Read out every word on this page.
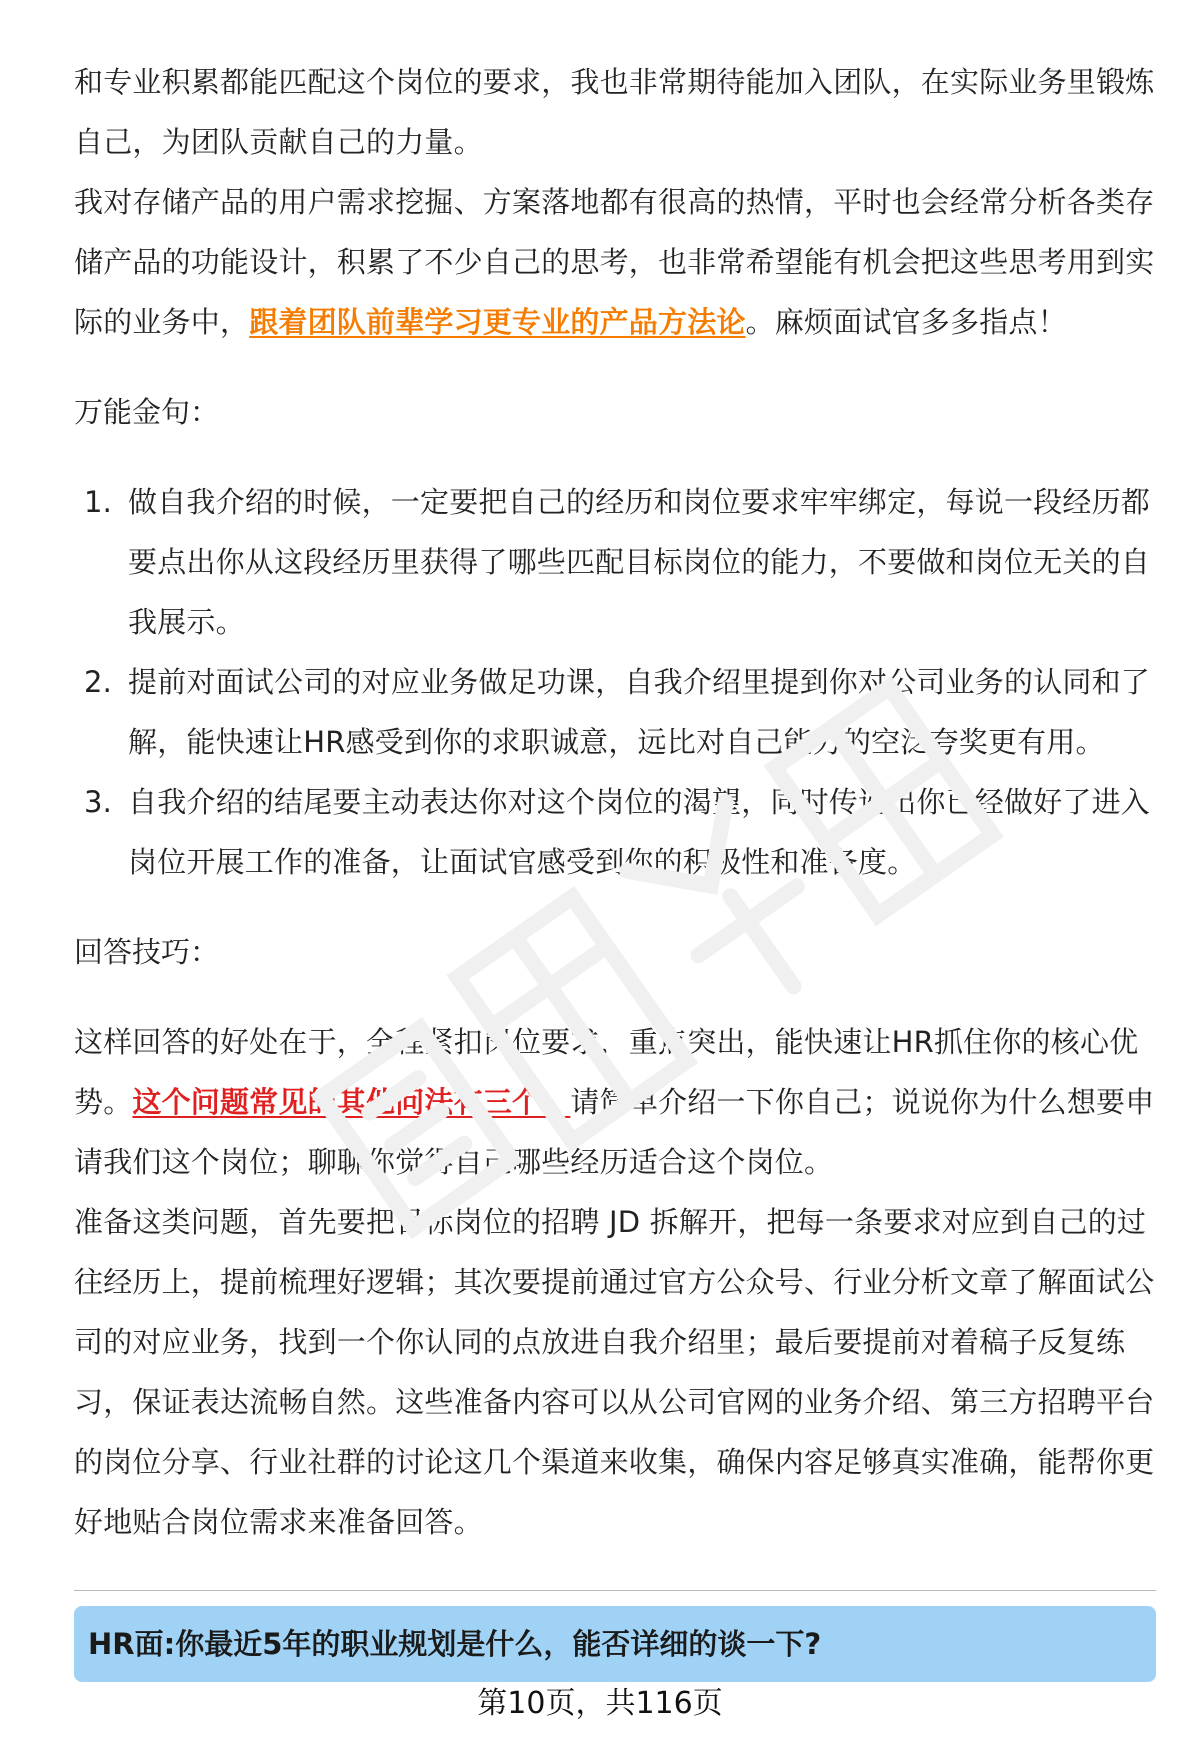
和专业积累都能匹配这个岗位的要求，我也非常期待能加入团队，在实际业务里锻炼自己，为团队贡献自己的力量。

我对存储产品的用户需求挖掘、方案落地都有很高的热情，平时也会经常分析各类存储产品的功能设计，积累了不少自己的思考，也非常希望能有机会把这些思考用到实际的业务中，跟着团队前辈学习更专业的产品方法论。麻烦面试官多多指点！

万能金句：

1. 做自我介绍的时候，一定要把自己的经历和岗位要求牢牢绑定，每说一段经历都要点出你从这段经历里获得了哪些匹配目标岗位的能力，不要做和岗位无关的自我展示。
2. 提前对面试公司的对应业务做足功课，自我介绍里提到你对公司业务的认同和了解，能快速让HR感受到你的求职诚意，远比对自己能力的空泛夸奖更有用。
3. 自我介绍的结尾要主动表达你对这个岗位的渴望，同时传递出你已经做好了进入岗位开展工作的准备，让面试官感受到你的积极性和准备度。

回答技巧：

这样回答的好处在于，全程紧扣岗位要求，重点突出，能快速让HR抓住你的核心优势。这个问题常见的其他问法有三个：请简单介绍一下你自己；说说你为什么想要申请我们这个岗位；聊聊你觉得自己哪些经历适合这个岗位。

准备这类问题，首先要把目标岗位的招聘 JD 拆解开，把每一条要求对应到自己的过往经历上，提前梳理好逻辑；其次要提前通过官方公众号、行业分析文章了解面试公司的对应业务，找到一个你认同的点放进自我介绍里；最后要提前对着稿子反复练习，保证表达流畅自然。这些准备内容可以从公司官网的业务介绍、第三方招聘平台的岗位分享、行业社群的讨论这几个渠道来收集，确保内容足够真实准确，能帮你更好地贴合岗位需求来准备回答。

HR面:你最近5年的职业规划是什么，能否详细的谈一下?
第10页，共116页
